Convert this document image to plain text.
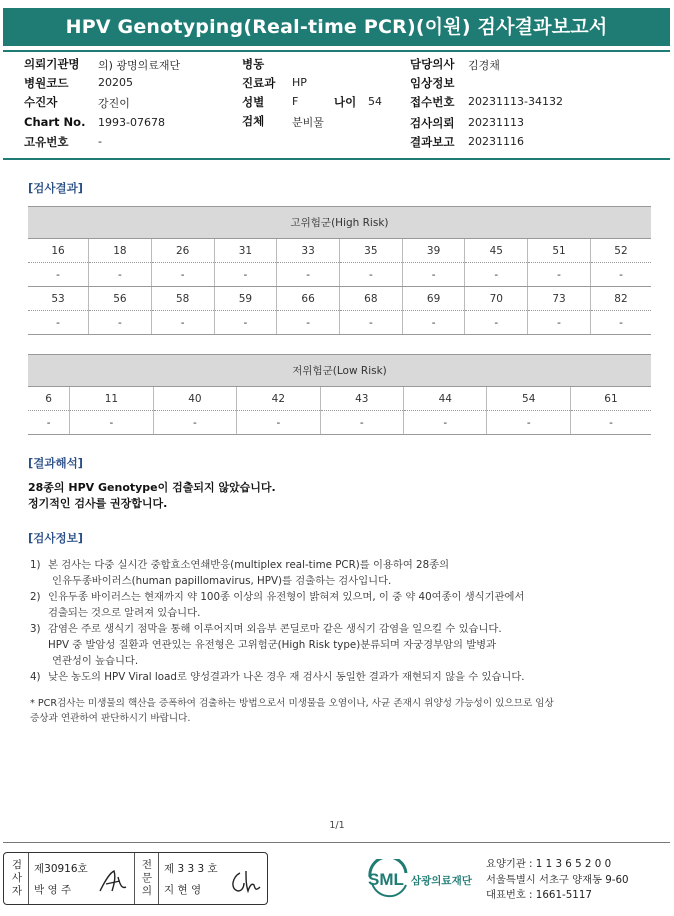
HPV Genotyping(Real-time PCR)(이원) 검사결과보고서
의뢰기관명 의) 광명의료재단
병원코드	20205
수진자	강진이
Chart No. 1993-07678
고유번호	-
병동
진료과 HP
성별	F	나이 54
검체	분비물
담당의사 김경채
임상정보
접수번호 20231113-34132
검사의뢰 20231113
결과보고 20231116
[검사결과]
고위험군(High Risk)									
16	18	26	31	33	35	39	45	51	52
-	-	-	-	-	-	-	-	-	-
53	56	58	59	66	68	69	70	73	82
-	-	-	-	-	-	-	-	-	-
저위험군(Low Risk)							
6	11	40	42	43	44	54	61
-	-	-	-	-	-	-	-
[결과해석]
28종의 HPV Genotype이 검출되지 않았습니다.
정기적인 검사를 권장합니다.
[검사정보]
1) 본 검사는 다중 실시간 중합효소연쇄반응(multiplex real-time PCR)를 이용하여 28종의
인유두종바이러스(human papillomavirus, HPV)를 검출하는 검사입니다.
2) 인유두종 바이러스는 현재까지 약 100종 이상의 유전형이 밝혀져 있으며, 이 중 약 40여종이 생식기관에서
검출되는 것으로 알려져 있습니다.
3) 감염은 주로 생식기 점막을 통해 이루어지며 외음부 콘딜로마 같은 생식기 감염을 일으킬 수 있습니다.
HPV 중 발암성 질환과 연관있는 유전형은 고위험군(High Risk type)분류되며 자궁경부암의 발병과
연관성이 높습니다.
4) 낮은 농도의 HPV Viral load로 양성결과가 나온 경우 재 검사시 동일한 결과가 재현되지 않을 수 있습니다.
* PCR검사는 미생물의 핵산을 증폭하여 검출하는 방법으로서 미생물을 오염이나, 사균 존재시 위양성 가능성이 있으므로 임상
증상과 연관하여 판단하시기 바랍니다.
1/1
검사자
제30916호
박 영 주
전문의
제 3 3 3 호
지 현 영
SML 삼광의료재단
요양기관 : 1 1 3 6 5 2 0 0
서울특별시 서초구 양재동 9-60
대표번호 : 1661-5117
